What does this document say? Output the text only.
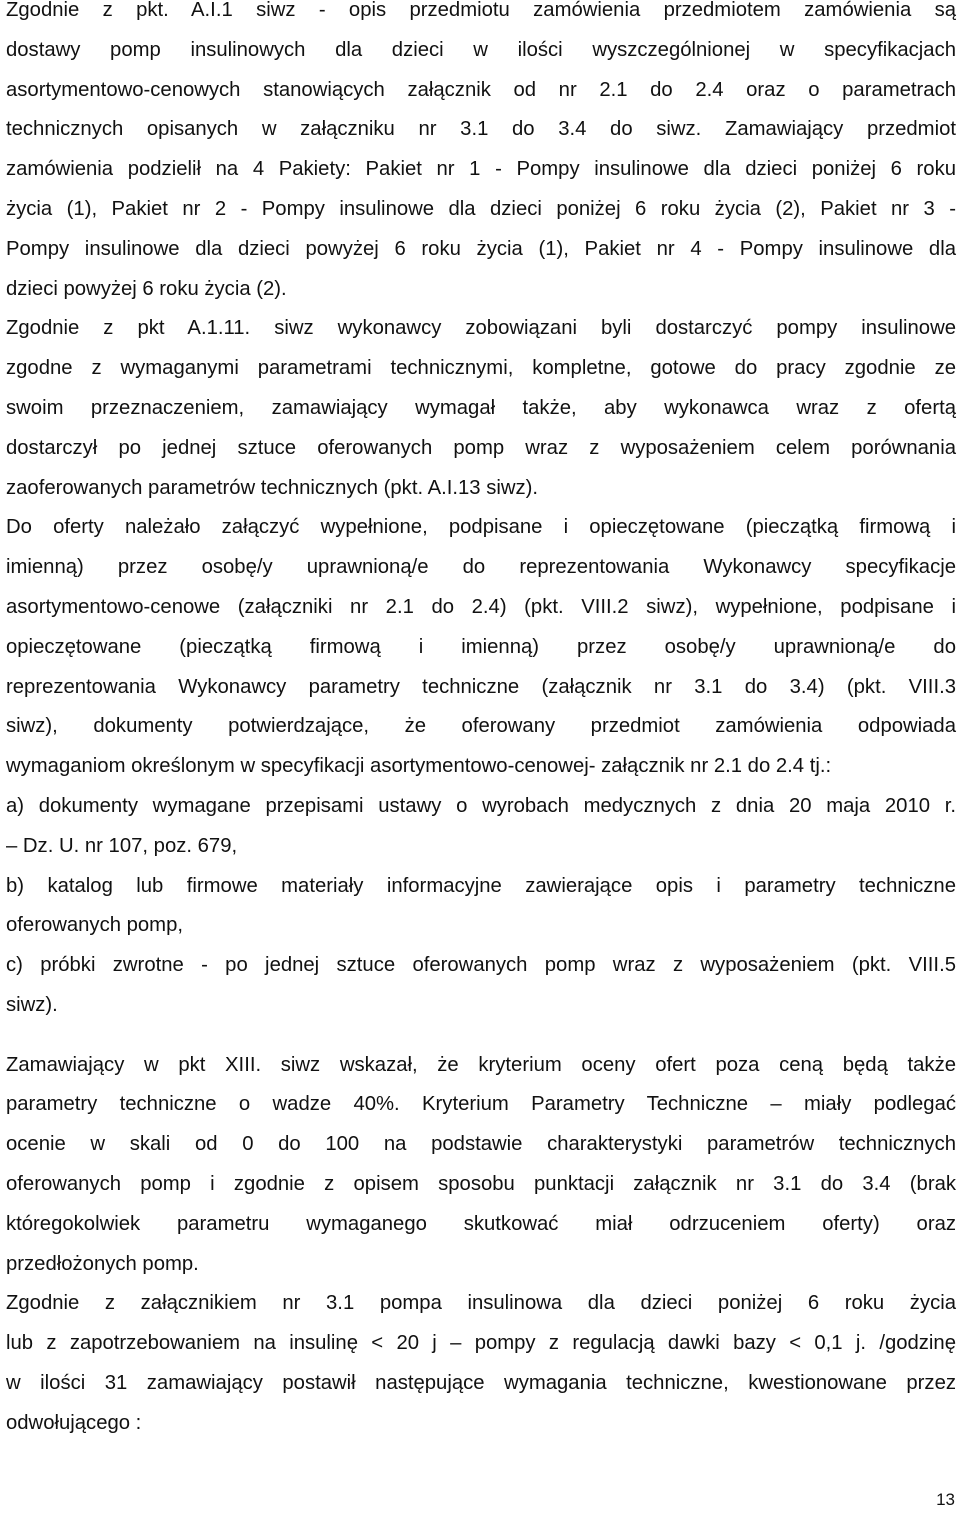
Zgodnie z pkt. A.I.1 siwz - opis przedmiotu zamówienia przedmiotem zamówienia są
dostawy pomp insulinowych dla dzieci w ilości wyszczególnionej w specyfikacjach
asortymentowo-cenowych stanowiących załącznik od nr 2.1 do 2.4 oraz o parametrach
technicznych opisanych w załączniku nr 3.1 do 3.4 do siwz. Zamawiający przedmiot
zamówienia podzielił na 4 Pakiety: Pakiet nr 1 - Pompy insulinowe dla dzieci poniżej 6 roku
życia (1), Pakiet nr 2 - Pompy insulinowe dla dzieci poniżej 6 roku życia (2), Pakiet nr 3 -
Pompy insulinowe dla dzieci powyżej 6 roku życia (1), Pakiet nr 4 - Pompy insulinowe dla
dzieci powyżej 6 roku życia (2).
Zgodnie z pkt A.1.11. siwz wykonawcy zobowiązani byli dostarczyć pompy insulinowe
zgodne z wymaganymi parametrami technicznymi, kompletne, gotowe do pracy zgodnie ze
swoim przeznaczeniem, zamawiający wymagał także, aby wykonawca wraz z ofertą
dostarczył po jednej sztuce oferowanych pomp wraz z wyposażeniem celem porównania
zaoferowanych parametrów technicznych (pkt. A.I.13 siwz).
Do oferty należało załączyć wypełnione, podpisane i opieczętowane (pieczątką firmową i
imienną) przez osobę/y uprawnioną/e do reprezentowania Wykonawcy specyfikacje
asortymentowo-cenowe (załączniki nr 2.1 do 2.4) (pkt. VIII.2 siwz), wypełnione, podpisane i
opieczętowane (pieczątką firmową i imienną) przez osobę/y uprawnioną/e do
reprezentowania Wykonawcy parametry techniczne (załącznik nr 3.1 do 3.4) (pkt. VIII.3
siwz), dokumenty potwierdzające, że oferowany przedmiot zamówienia odpowiada
wymaganiom określonym w specyfikacji asortymentowo-cenowej- załącznik nr 2.1 do 2.4 tj.:
a) dokumenty wymagane przepisami ustawy o wyrobach medycznych z dnia 20 maja 2010 r.
– Dz. U. nr 107, poz. 679,
b) katalog lub firmowe materiały informacyjne zawierające opis i parametry techniczne
oferowanych pomp,
c) próbki zwrotne - po jednej sztuce oferowanych pomp wraz z wyposażeniem (pkt. VIII.5
siwz).
Zamawiający w pkt XIII. siwz wskazał, że kryterium oceny ofert poza ceną będą także
parametry techniczne o wadze 40%. Kryterium Parametry Techniczne – miały podlegać
ocenie w skali od 0 do 100 na podstawie charakterystyki parametrów technicznych
oferowanych pomp i zgodnie z opisem sposobu punktacji załącznik nr 3.1 do 3.4 (brak
któregokolwiek parametru wymaganego skutkować miał odrzuceniem oferty) oraz
przedłożonych pomp.
Zgodnie z załącznikiem nr 3.1 pompa insulinowa dla dzieci poniżej 6 roku życia
lub z zapotrzebowaniem na insulinę < 20 j – pompy z regulacją dawki bazy < 0,1 j. /godzinę
w ilości 31 zamawiający postawił następujące wymagania techniczne, kwestionowane przez
odwołującego :
13
